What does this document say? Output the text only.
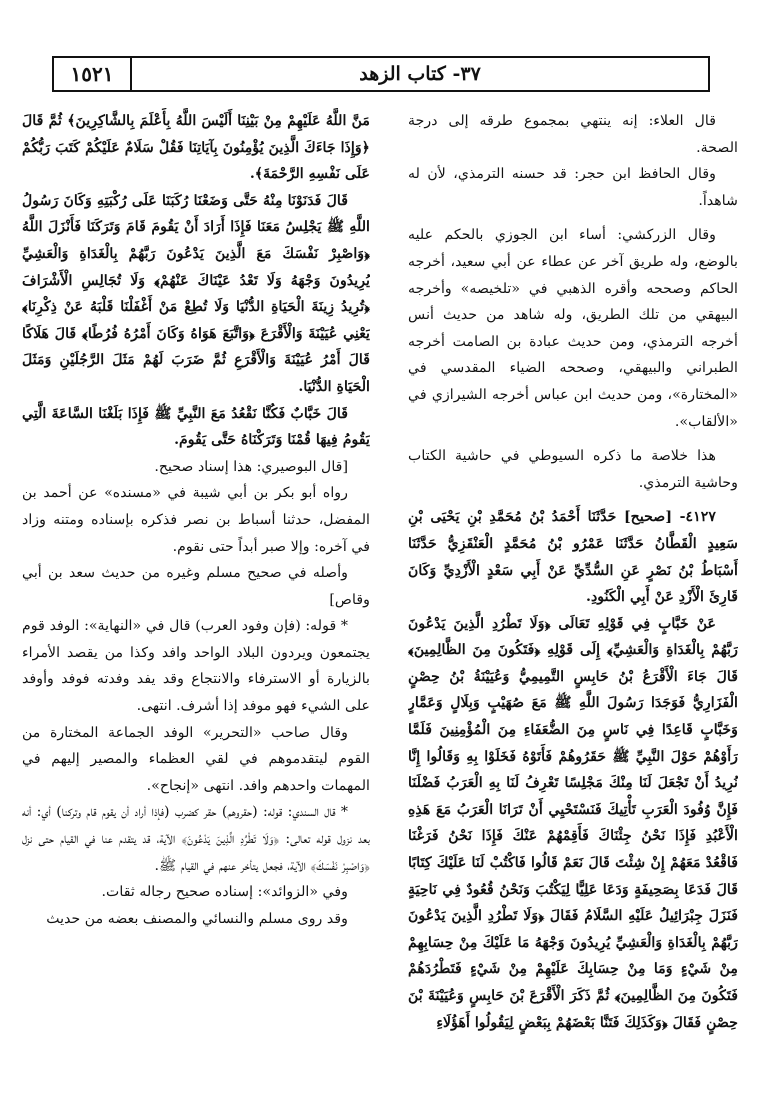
٣٧- كتاب الزهد
١٥٢١

قال العلاء: إنه ينتهي بمجموع طرقه إلى درجة الصحة.

وقال الحافظ ابن حجر: قد حسنه الترمذي، لأن له شاهداً.

وقال الزركشي: أساء ابن الجوزي بالحكم عليه بالوضع، وله طريق آخر عن عطاء عن أبي سعيد، أخرجه الحاكم وصححه وأقره الذهبي في «تلخيصه» وأخرجه البيهقي من تلك الطريق، وله شاهد من حديث أنس أخرجه الترمذي، ومن حديث عبادة بن الصامت أخرجه الطبراني والبيهقي، وصححه الضياء المقدسي في «المختارة»، ومن حديث ابن عباس أخرجه الشيرازي في «الألقاب».

هذا خلاصة ما ذكره السيوطي في حاشية الكتاب وحاشية الترمذي.

٤١٢٧- [صحيح] حَدَّثَنَا أَحْمَدُ بْنُ مُحَمَّدِ بْنِ يَحْيَى بْنِ سَعِيدٍ الْقَطَّانُ حَدَّثَنَا عَمْرُو بْنُ مُحَمَّدٍ الْعَنْقَزِيُّ حَدَّثَنَا أَسْبَاطُ بْنُ نَصْرٍ عَنِ السُّدِّيِّ عَنْ أَبِي سَعْدٍ الْأَزْدِيِّ وَكَانَ قَارِئَ الْأَزْدِ عَنْ أَبِي الْكَنُودِ.

عَنْ خَبَّابٍ فِي قَوْلِهِ تَعَالَى ﴿وَلَا تَطْرُدِ الَّذِينَ يَدْعُونَ رَبَّهُمْ بِالْغَدَاةِ وَالْعَشِيِّ﴾ إِلَى قَوْلِهِ ﴿فَتَكُونَ مِنَ الظَّالِمِينَ﴾ قَالَ جَاءَ الْأَقْرَعُ بْنُ حَابِسٍ التَّمِيمِيُّ وَعُيَيْنَةُ بْنُ حِصْنٍ الْفَزَارِيُّ فَوَجَدَا رَسُولَ اللَّهِ ﷺ مَعَ صُهَيْبٍ وَبِلَالٍ وَعَمَّارٍ وَخَبَّابٍ قَاعِدًا فِي نَاسٍ مِنَ الضُّعَفَاءِ مِنَ الْمُؤْمِنِينَ فَلَمَّا رَأَوْهُمْ حَوْلَ النَّبِيِّ ﷺ حَقَرُوهُمْ فَأَتَوْهُ فَخَلَوْا بِهِ وَقَالُوا إِنَّا نُرِيدُ أَنْ تَجْعَلَ لَنَا مِنْكَ مَجْلِسًا تَعْرِفُ لَنَا بِهِ الْعَرَبُ فَضْلَنَا فَإِنَّ وُفُودَ الْعَرَبِ تَأْتِيكَ فَنَسْتَحْيِي أَنْ تَرَانَا الْعَرَبُ مَعَ هَذِهِ الْأَعْبُدِ فَإِذَا نَحْنُ جِئْنَاكَ فَأَقِمْهُمْ عَنْكَ فَإِذَا نَحْنُ فَرَغْنَا فَاقْعُدْ مَعَهُمْ إِنْ شِئْتَ قَالَ نَعَمْ قَالُوا فَاكْتُبْ لَنَا عَلَيْكَ كِتَابًا قَالَ فَدَعَا بِصَحِيفَةٍ وَدَعَا عَلِيًّا لِيَكْتُبَ وَنَحْنُ قُعُودٌ فِي نَاحِيَةٍ فَنَزَلَ جِبْرَائِيلُ عَلَيْهِ السَّلَامُ فَقَالَ ﴿وَلَا تَطْرُدِ الَّذِينَ يَدْعُونَ رَبَّهُمْ بِالْغَدَاةِ وَالْعَشِيِّ يُرِيدُونَ وَجْهَهُ مَا عَلَيْكَ مِنْ حِسَابِهِمْ مِنْ شَيْءٍ وَمَا مِنْ حِسَابِكَ عَلَيْهِمْ مِنْ شَيْءٍ فَتَطْرُدَهُمْ فَتَكُونَ مِنَ الظَّالِمِينَ﴾ ثُمَّ ذَكَرَ الْأَقْرَعَ بْنَ حَابِسٍ وَعُيَيْنَةَ بْنَ حِصْنٍ فَقَالَ ﴿وَكَذَلِكَ فَتَنَّا بَعْضَهُمْ بِبَعْضٍ لِيَقُولُوا أَهَؤُلَاءِ

مَنَّ اللَّهُ عَلَيْهِمْ مِنْ بَيْنِنَا أَلَيْسَ اللَّهُ بِأَعْلَمَ بِالشَّاكِرِينَ﴾ ثُمَّ قَالَ ﴿وَإِذَا جَاءَكَ الَّذِينَ يُؤْمِنُونَ بِآيَاتِنَا فَقُلْ سَلَامٌ عَلَيْكُمْ كَتَبَ رَبُّكُمْ عَلَى نَفْسِهِ الرَّحْمَةَ﴾.

قَالَ فَدَنَوْنَا مِنْهُ حَتَّى وَضَعْنَا رُكَبَنَا عَلَى رُكْبَتِهِ وَكَانَ رَسُولُ اللَّهِ ﷺ يَجْلِسُ مَعَنَا فَإِذَا أَرَادَ أَنْ يَقُومَ قَامَ وَتَرَكَنَا فَأَنْزَلَ اللَّهُ ﴿وَاصْبِرْ نَفْسَكَ مَعَ الَّذِينَ يَدْعُونَ رَبَّهُمْ بِالْغَدَاةِ وَالْعَشِيِّ يُرِيدُونَ وَجْهَهُ وَلَا تَعْدُ عَيْنَاكَ عَنْهُمْ﴾ وَلَا تُجَالِسِ الْأَشْرَافَ ﴿تُرِيدُ زِينَةَ الْحَيَاةِ الدُّنْيَا وَلَا تُطِعْ مَنْ أَغْفَلْنَا قَلْبَهُ عَنْ ذِكْرِنَا﴾ يَعْنِي عُيَيْنَةَ وَالْأَقْرَعَ ﴿وَاتَّبَعَ هَوَاهُ وَكَانَ أَمْرُهُ فُرُطًا﴾ قَالَ هَلَاكًا قَالَ أَمْرُ عُيَيْنَةَ وَالْأَقْرَعِ ثُمَّ ضَرَبَ لَهُمْ مَثَلَ الرَّجُلَيْنِ وَمَثَلَ الْحَيَاةِ الدُّنْيَا.

قَالَ خَبَّابٌ فَكُنَّا نَقْعُدُ مَعَ النَّبِيِّ ﷺ فَإِذَا بَلَغْنَا السَّاعَةَ الَّتِي يَقُومُ فِيهَا قُمْنَا وَتَرَكْنَاهُ حَتَّى يَقُومَ.

[قال البوصيري: هذا إسناد صحيح.

رواه أبو بكر بن أبي شيبة في «مسنده» عن أحمد بن المفضل، حدثنا أسباط بن نصر فذكره بإسناده ومتنه وزاد في آخره: وإلا صبر أبداً حتى نقوم.

وأصله في صحيح مسلم وغيره من حديث سعد بن أبي وقاص]

* قوله: (فإن وفود العرب) قال في «النهاية»: الوفد قوم يجتمعون ويردون البلاد الواحد وافد وكذا من يقصد الأمراء بالزيارة أو الاسترفاء والانتجاع وقد يفد وفدته فوفد وأوفد على الشيء فهو موفد إذا أشرف. انتهى.

وقال صاحب «التحرير» الوفد الجماعة المختارة من القوم ليتقدموهم في لقي العظماء والمصير إليهم في المهمات واحدهم وافد. انتهى «إنجاح».

* قال السندي: قوله: (حقروهم) حقر كضرب (فإذا أراد أن يقوم قام وتركنا) أي: أنه بعد نزول قوله تعالى: ﴿وَلَا تَطْرُدِ الَّذِينَ يَدْعُونَ﴾ الآية، قد يتقدم عنا في القيام حتى نزل ﴿وَاصْبِرْ نَفْسَكَ﴾ الآية، فجعل يتأخر عنهم في القيام ﷺ.

وفي «الزوائد»: إسناده صحيح رجاله ثقات.

وقد روى مسلم والنسائي والمصنف بعضه من حديث
